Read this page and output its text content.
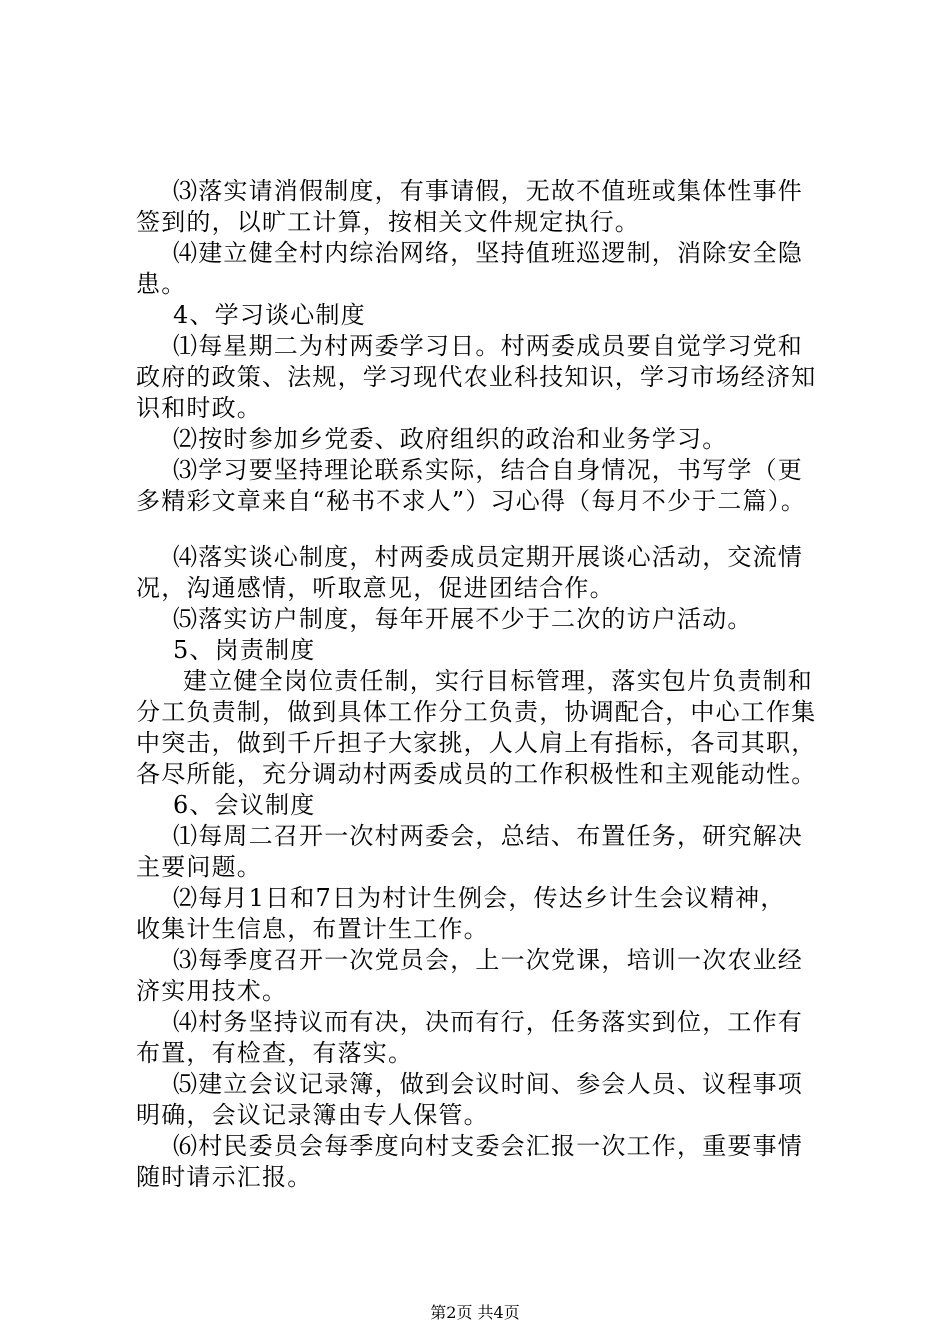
⑶落实请消假制度，有事请假，无故不值班或集体性事件
签到的，以旷工计算，按相关文件规定执行。
⑷建立健全村内综治网络，坚持值班巡逻制，消除安全隐
患。
4、学习谈心制度
⑴每星期二为村两委学习日。村两委成员要自觉学习党和
政府的政策、法规，学习现代农业科技知识，学习市场经济知
识和时政。
⑵按时参加乡党委、政府组织的政治和业务学习。
⑶学习要坚持理论联系实际，结合自身情况，书写学（更
多精彩文章来自“秘书不求人”）习心得（每月不少于二篇）。
⑷落实谈心制度，村两委成员定期开展谈心活动，交流情
况，沟通感情，听取意见，促进团结合作。
⑸落实访户制度，每年开展不少于二次的访户活动。
5、岗责制度
建立健全岗位责任制，实行目标管理，落实包片负责制和
分工负责制，做到具体工作分工负责，协调配合，中心工作集
中突击，做到千斤担子大家挑，人人肩上有指标，各司其职，
各尽所能，充分调动村两委成员的工作积极性和主观能动性。
6、会议制度
⑴每周二召开一次村两委会，总结、布置任务，研究解决
主要问题。
⑵每月1日和7日为村计生例会，传达乡计生会议精神，
收集计生信息，布置计生工作。
⑶每季度召开一次党员会，上一次党课，培训一次农业经
济实用技术。
⑷村务坚持议而有决，决而有行，任务落实到位，工作有
布置，有检查，有落实。
⑸建立会议记录簿，做到会议时间、参会人员、议程事项
明确，会议记录簿由专人保管。
⑹村民委员会每季度向村支委会汇报一次工作，重要事情
随时请示汇报。
第2页 共4页
